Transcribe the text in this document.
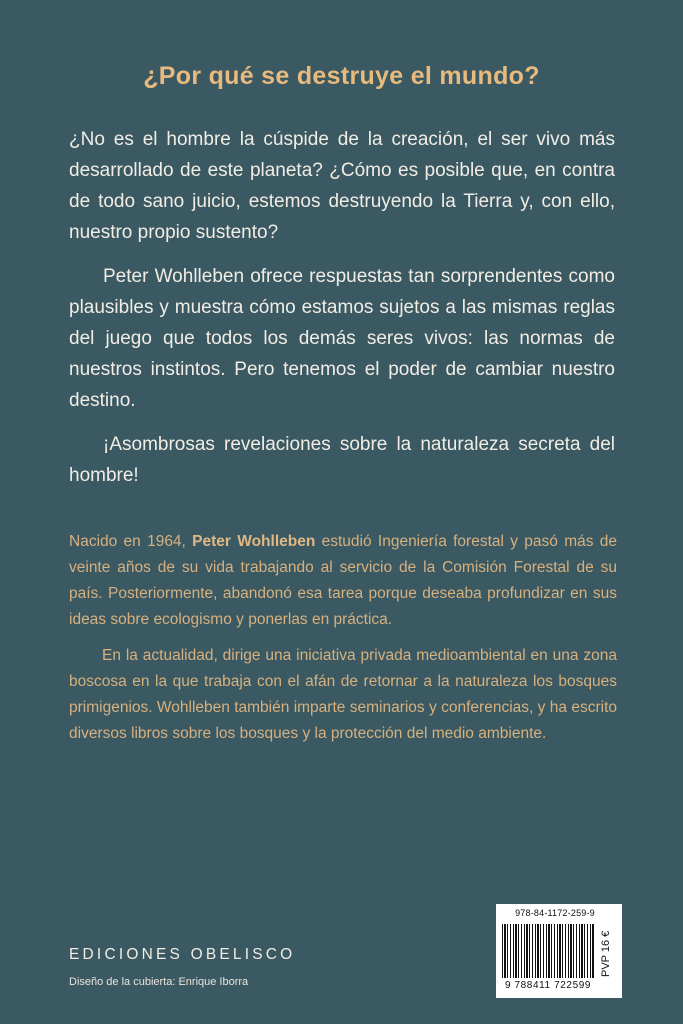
¿Por qué se destruye el mundo?

¿No es el hombre la cúspide de la creación, el ser vivo más desarrollado de este planeta? ¿Cómo es posible que, en contra de todo sano juicio, estemos destruyendo la Tierra y, con ello, nuestro propio sustento?

Peter Wohlleben ofrece respuestas tan sorprendentes como plausibles y muestra cómo estamos sujetos a las mismas reglas del juego que todos los demás seres vivos: las normas de nuestros instintos. Pero tenemos el poder de cambiar nuestro destino.

¡Asombrosas revelaciones sobre la naturaleza secreta del hombre!

Nacido en 1964, Peter Wohlleben estudió Ingeniería forestal y pasó más de veinte años de su vida trabajando al servicio de la Comisión Forestal de su país. Posteriormente, abandonó esa tarea porque deseaba profundizar en sus ideas sobre ecologismo y ponerlas en práctica.

En la actualidad, dirige una iniciativa privada medioambiental en una zona boscosa en la que trabaja con el afán de retornar a la naturaleza los bosques primigenios. Wohlleben también imparte seminarios y conferencias, y ha escrito diversos libros sobre los bosques y la protección del medio ambiente.

EDICIONES OBELISCO
Diseño de la cubierta: Enrique Iborra
978-84-1172-259-9
9 788411 722599
PVP 16 €
